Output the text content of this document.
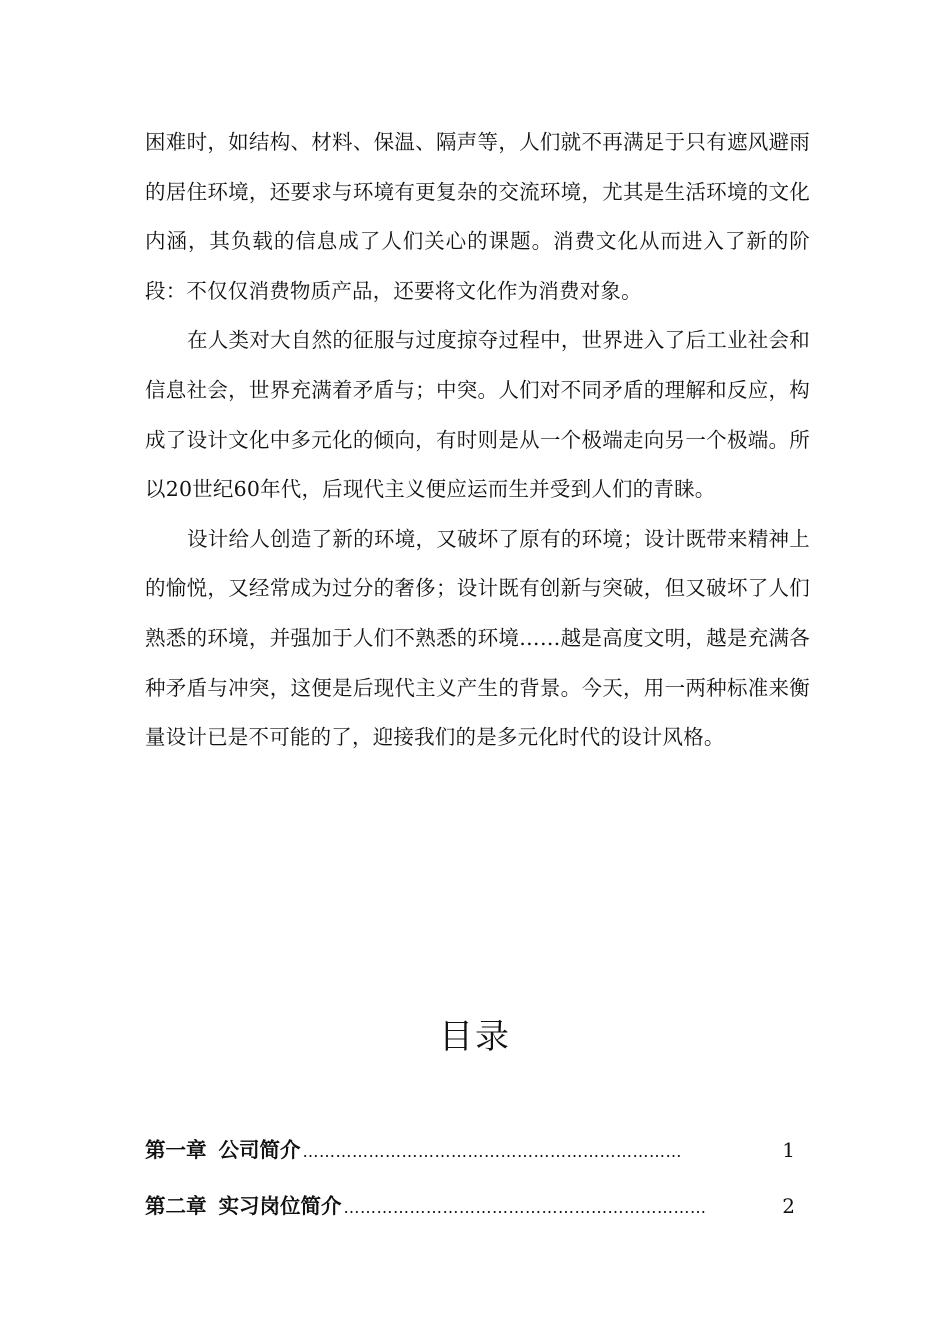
困难时，如结构、材料、保温、隔声等，人们就不再满足于只有遮风避雨的居住环境，还要求与环境有更复杂的交流环境，尤其是生活环境的文化内涵，其负载的信息成了人们关心的课题。消费文化从而进入了新的阶段：不仅仅消费物质产品，还要将文化作为消费对象。

在人类对大自然的征服与过度掠夺过程中，世界进入了后工业社会和信息社会，世界充满着矛盾与；中突。人们对不同矛盾的理解和反应，构成了设计文化中多元化的倾向，有时则是从一个极端走向另一个极端。所以20世纪60年代，后现代主义便应运而生并受到人们的青睐。

设计给人创造了新的环境，又破坏了原有的环境；设计既带来精神上的愉悦，又经常成为过分的奢侈；设计既有创新与突破，但又破坏了人们熟悉的环境，并强加于人们不熟悉的环境……越是高度文明，越是充满各种矛盾与冲突，这便是后现代主义产生的背景。今天，用一两种标准来衡量设计已是不可能的了，迎接我们的是多元化时代的设计风格。

目录
第一章 公司简介 ……………………………………………………………	1
第二章 实习岗位简介 …………………………………………………………	2
